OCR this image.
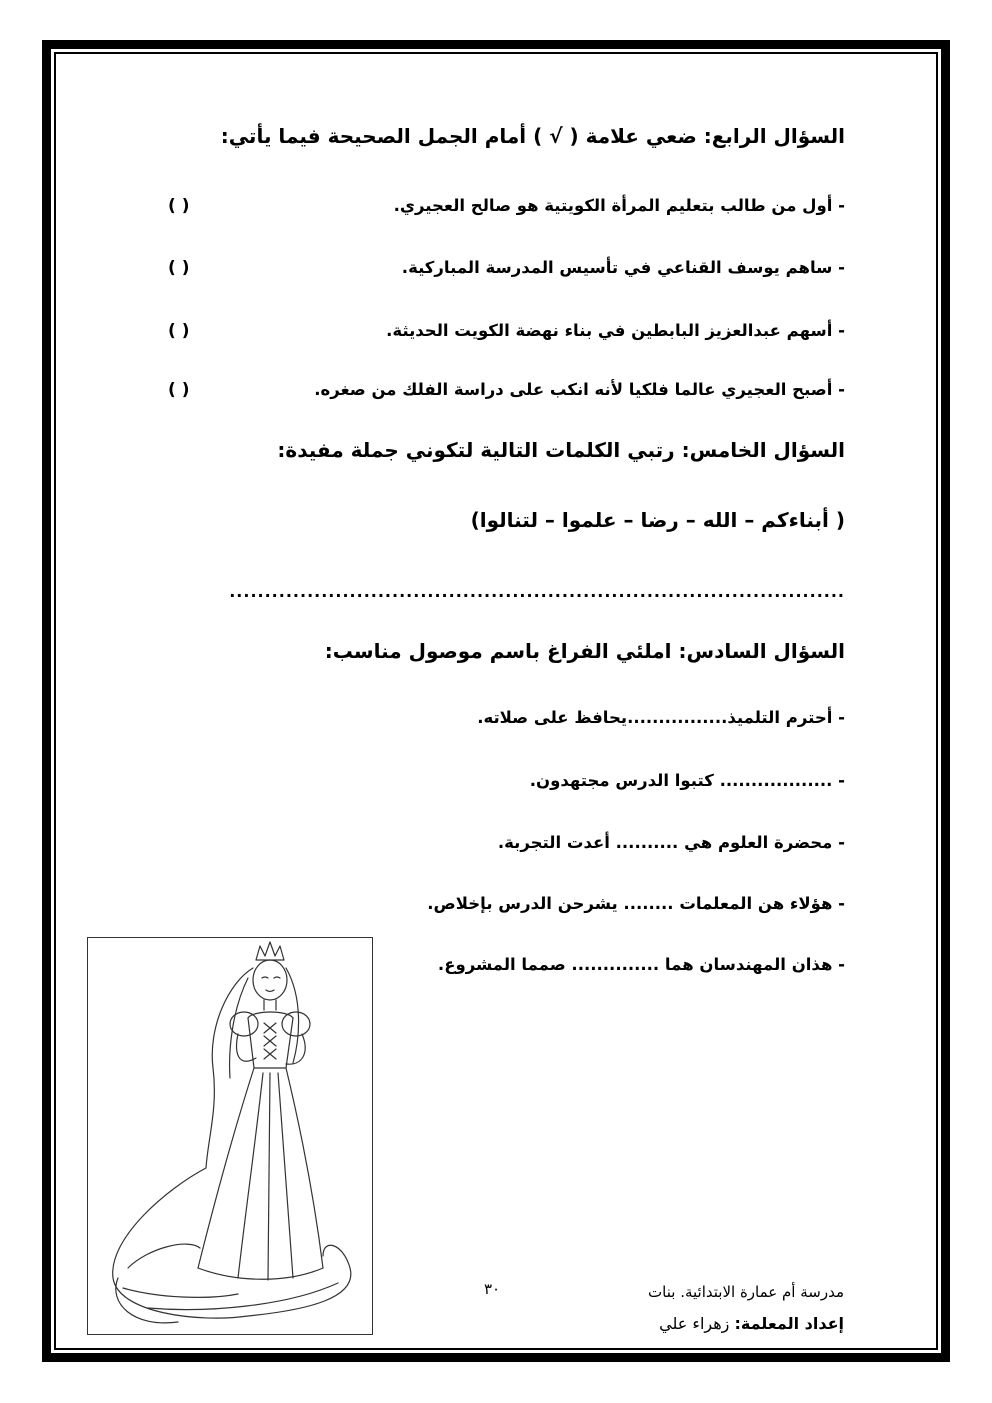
السؤال الرابع: ضعي علامة ( √ ) أمام الجمل الصحيحة فيما يأتي:
- أول من طالب بتعليم المرأة الكويتية هو صالح العجيري.
( )
- ساهم يوسف القناعي في تأسيس المدرسة المباركية.
( )
- أسهم عبدالعزيز البابطين في بناء نهضة الكويت الحديثة.
( )
- أصبح العجيري عالما فلكيا لأنه انكب على دراسة الفلك من صغره.
( )
السؤال الخامس: رتبي الكلمات التالية لتكوني جملة مفيدة:
( أبناءكم – الله – رضا – علموا – لتنالوا)
.......................................................................................
السؤال السادس: املئي الفراغ باسم موصول مناسب:
- أحترم التلميذ................يحافظ على صلاته.
- .................. كتبوا الدرس مجتهدون.
- محضرة العلوم هي .......... أعدت التجربة.
- هؤلاء هن المعلمات ........ يشرحن الدرس بإخلاص.
- هذان المهندسان هما .............. صمما المشروع.
مدرسة أم عمارة الابتدائية. بنات
٣٠
إعداد المعلمة: زهراء علي
